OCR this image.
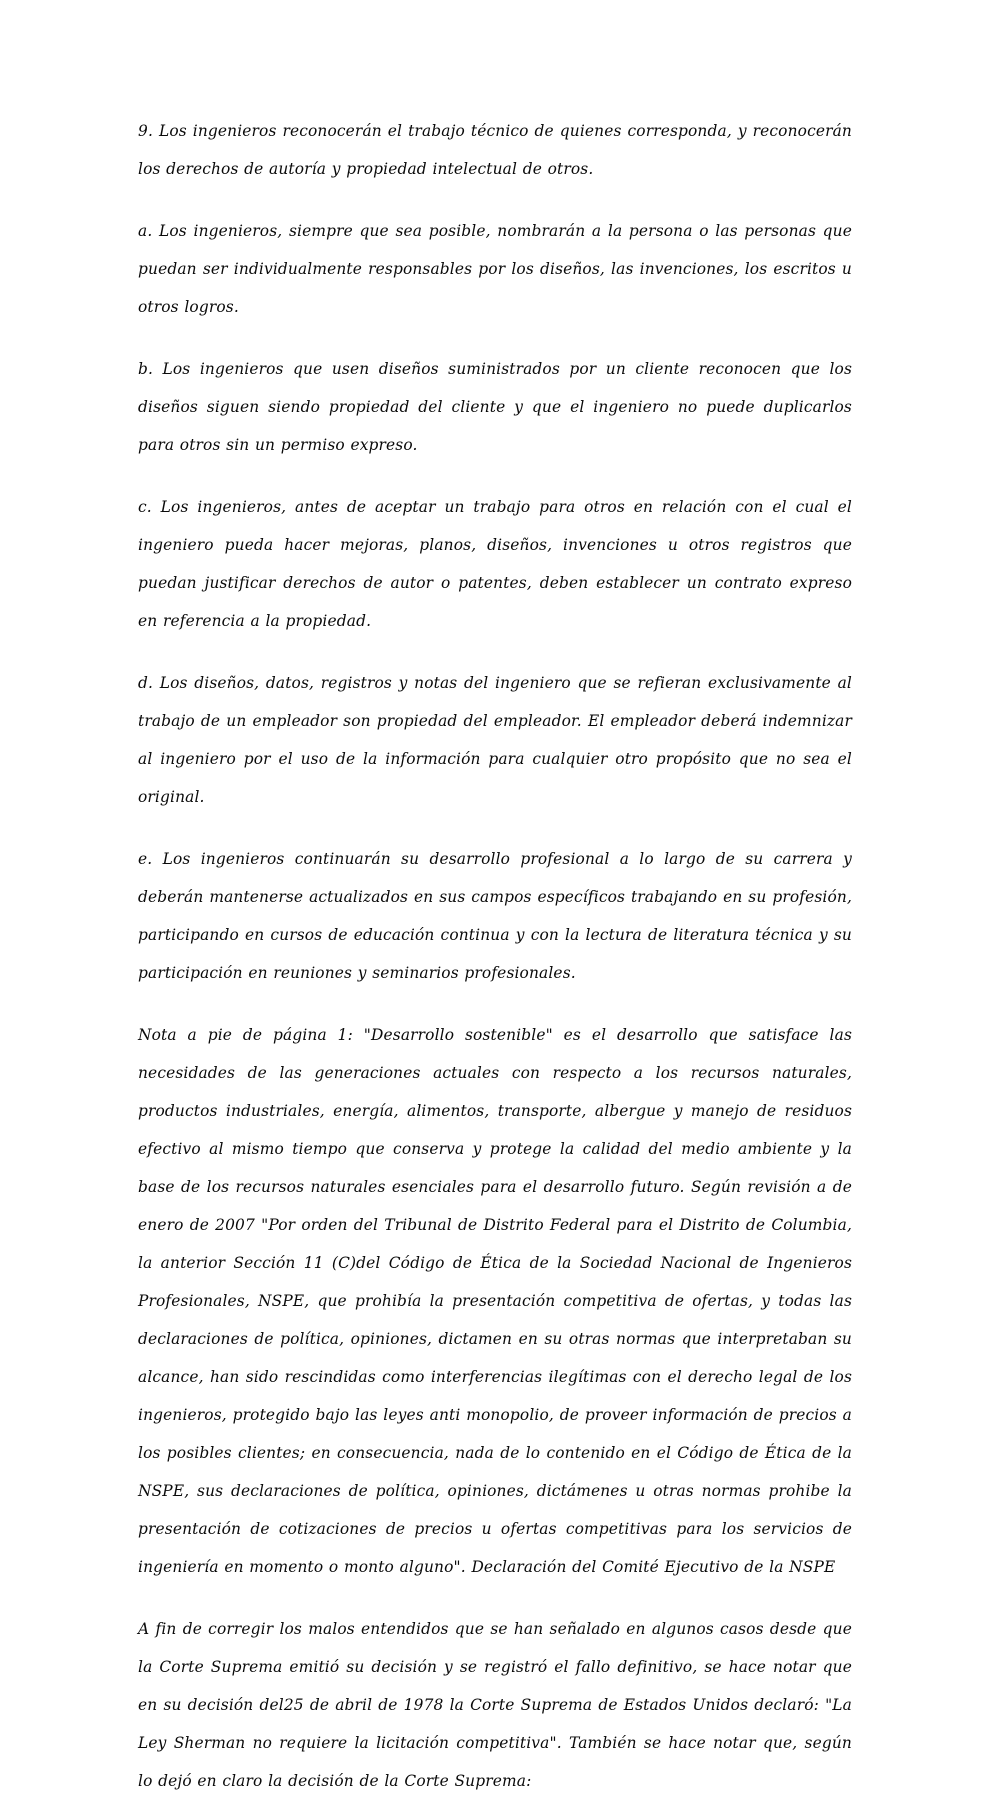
9. Los ingenieros reconocerán el trabajo técnico de quienes corresponda, y reconocerán los derechos de autoría y propiedad intelectual de otros.

a. Los ingenieros, siempre que sea posible, nombrarán a la persona o las personas que puedan ser individualmente responsables por los diseños, las invenciones, los escritos u otros logros.

b. Los ingenieros que usen diseños suministrados por un cliente reconocen que los diseños siguen siendo propiedad del cliente y que el ingeniero no puede duplicarlos para otros sin un permiso expreso.

c. Los ingenieros, antes de aceptar un trabajo para otros en relación con el cual el ingeniero pueda hacer mejoras, planos, diseños, invenciones u otros registros que puedan justificar derechos de autor o patentes, deben establecer un contrato expreso en referencia a la propiedad.

d. Los diseños, datos, registros y notas del ingeniero que se refieran exclusivamente al trabajo de un empleador son propiedad del empleador. El empleador deberá indemnizar al ingeniero por el uso de la información para cualquier otro propósito que no sea el original.

e. Los ingenieros continuarán su desarrollo profesional a lo largo de su carrera y deberán mantenerse actualizados en sus campos específicos trabajando en su profesión, participando en cursos de educación continua y con la lectura de literatura técnica y su participación en reuniones y seminarios profesionales.

Nota a pie de página 1: "Desarrollo sostenible" es el desarrollo que satisface las necesidades de las generaciones actuales con respecto a los recursos naturales, productos industriales, energía, alimentos, transporte, albergue y manejo de residuos efectivo al mismo tiempo que conserva y protege la calidad del medio ambiente y la base de los recursos naturales esenciales para el desarrollo futuro. Según revisión a de enero de 2007 "Por orden del Tribunal de Distrito Federal para el Distrito de Columbia, la anterior Sección 11 (C)del Código de Ética de la Sociedad Nacional de Ingenieros Profesionales, NSPE, que prohibía la presentación competitiva de ofertas, y todas las declaraciones de política, opiniones, dictamen en su otras normas que interpretaban su alcance, han sido rescindidas como interferencias ilegítimas con el derecho legal de los ingenieros, protegido bajo las leyes anti monopolio, de proveer información de precios a los posibles clientes; en consecuencia, nada de lo contenido en el Código de Ética de la NSPE, sus declaraciones de política, opiniones, dictámenes u otras normas prohibe la presentación de cotizaciones de precios u ofertas competitivas para los servicios de ingeniería en momento o monto alguno". Declaración del Comité Ejecutivo de la NSPE

A fin de corregir los malos entendidos que se han señalado en algunos casos desde que la Corte Suprema emitió su decisión y se registró el fallo definitivo, se hace notar que en su decisión del25 de abril de 1978 la Corte Suprema de Estados Unidos declaró: "La Ley Sherman no requiere la licitación competitiva". También se hace notar que, según lo dejó en claro la decisión de la Corte Suprema:
